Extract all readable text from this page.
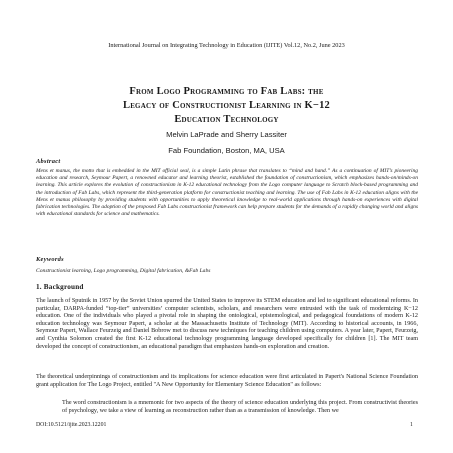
International Journal on Integrating Technology in Education (IJITE) Vol.12, No.2, June 2023
From Logo Programming to Fab Labs: the
Legacy of Constructionist Learning in K−12
Education Technology
Melvin LaPrade and Sherry Lassiter
Fab Foundation, Boston, MA, USA
Abstract

Mens et manus, the motto that is embedded in the MIT official seal, is a simple Latin phrase that translates to “mind and hand.” As a continuation of MIT’s pioneering education and research, Seymour Papert, a renowned educator and learning theorist, established the foundation of constructionism, which emphasizes hands-on/minds-on learning. This article explores the evolution of constructionism in K-12 educational technology from the Logo computer language to Scratch block-based programming and the introduction of Fab Labs, which represent the third-generation platform for constructionist teaching and learning. The use of Fab Labs in K-12 education aligns with the Mens et manus philosophy by providing students with opportunities to apply theoretical knowledge to real-world applications through hands-on experiences with digital fabrication technologies. The adoption of the proposed Fab Labs constructionist framework can help prepare students for the demands of a rapidly changing world and aligns with educational standards for science and mathematics.

Keywords

Constructionist learning, Logo programming, Digital fabrication, &Fab Labs

1. Background

The launch of Sputnik in 1957 by the Soviet Union spurred the United States to improve its STEM education and led to significant educational reforms. In particular, DARPA-funded “top-tier” universities’ computer scientists, scholars, and researchers were entrusted with the task of modernizing K−12 education. One of the individuals who played a pivotal role in shaping the ontological, epistemological, and pedagogical foundations of modern K-12 education technology was Seymour Papert, a scholar at the Massachusetts Institute of Technology (MIT). According to historical accounts, in 1966, Seymour Papert, Wallace Feurzeig and Daniel Bobrow met to discuss new techniques for teaching children using computers. A year later, Papert, Feurzeig, and Cynthia Solomon created the first K-12 educational technology programming language developed specifically for children [1]. The MIT team developed the concept of constructionism, an educational paradigm that emphasizes hands-on exploration and creation.

The theoretical underpinnings of constructionism and its implications for science education were first articulated in Papert's National Science Foundation grant application for The Logo Project, entitled "A New Opportunity for Elementary Science Education" as follows:

The word constructionism is a mnemonic for two aspects of the theory of science education underlying this project. From constructivist theories of psychology, we take a view of learning as reconstruction rather than as a transmission of knowledge. Then we

DOI:10.5121/ijite.2023.12201	1
